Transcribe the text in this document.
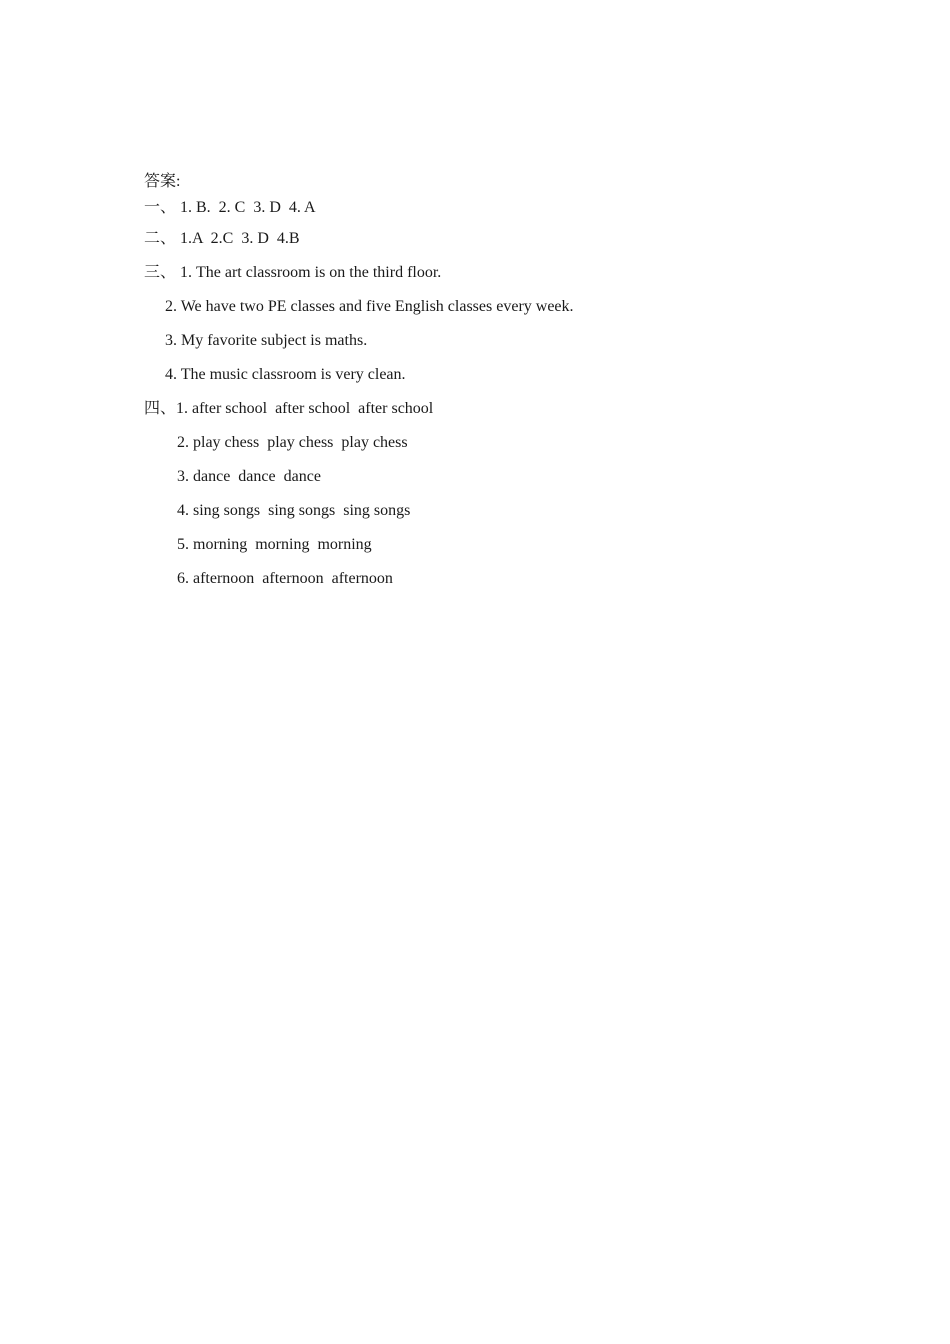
答案:
一、 1. B.  2. C  3. D  4. A
二、 1.A  2.C  3. D  4.B
三、 1. The art classroom is on the third floor.
2. We have two PE classes and five English classes every week.
3. My favorite subject is maths.
4. The music classroom is very clean.
四、1. after school  after school  after school
2. play chess  play chess  play chess
3. dance  dance  dance
4. sing songs  sing songs  sing songs
5. morning  morning  morning
6. afternoon  afternoon  afternoon
